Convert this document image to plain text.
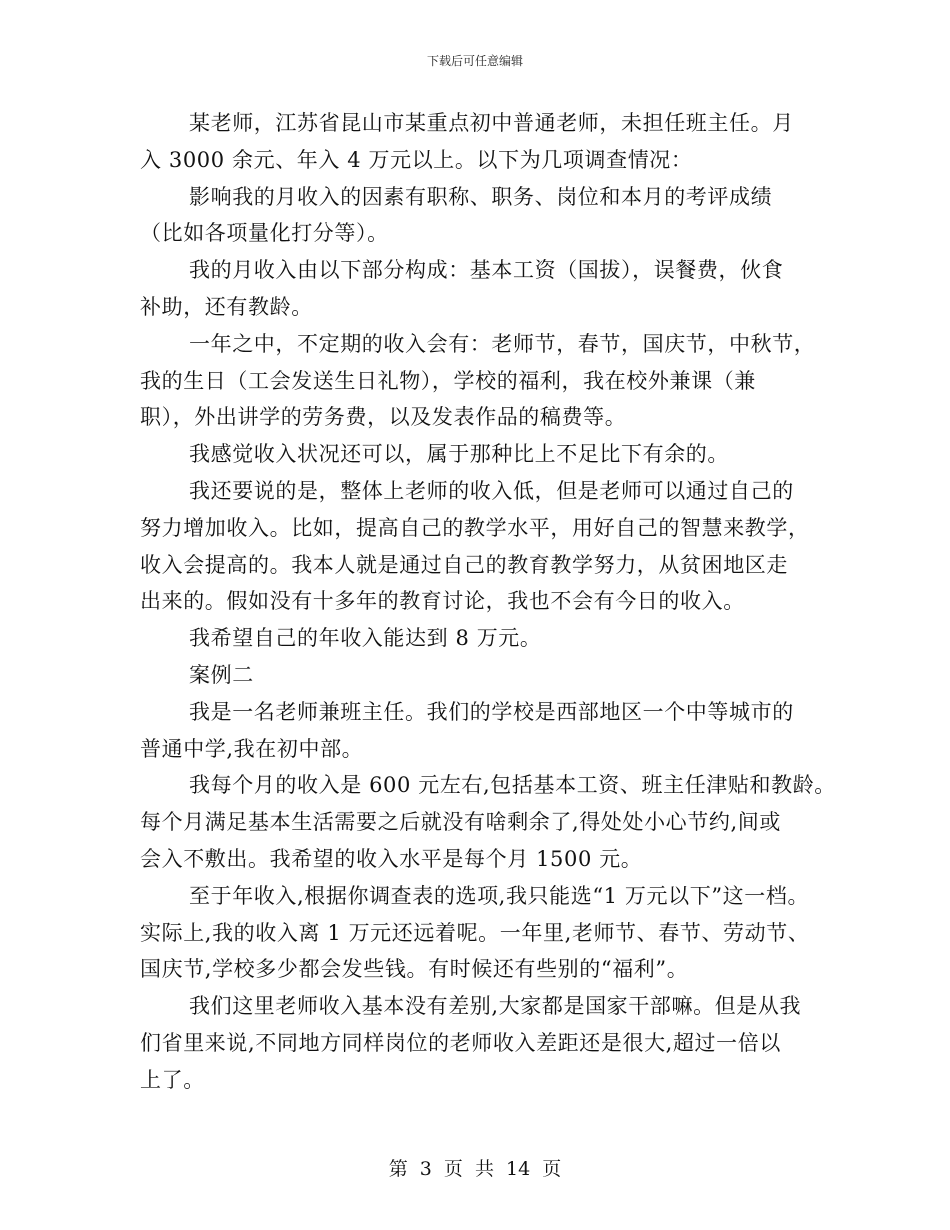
下载后可任意编辑
某老师，江苏省昆山市某重点初中普通老师，未担任班主任。月
入 3000 余元、年入 4 万元以上。以下为几项调查情况：
影响我的月收入的因素有职称、职务、岗位和本月的考评成绩
（比如各项量化打分等）。
我的月收入由以下部分构成：基本工资（国拔），误餐费，伙食
补助，还有教龄。
一年之中，不定期的收入会有：老师节，春节，国庆节，中秋节，
我的生日（工会发送生日礼物），学校的福利，我在校外兼课（兼
职），外出讲学的劳务费，以及发表作品的稿费等。
我感觉收入状况还可以，属于那种比上不足比下有余的。
我还要说的是，整体上老师的收入低，但是老师可以通过自己的
努力增加收入。比如，提高自己的教学水平，用好自己的智慧来教学，
收入会提高的。我本人就是通过自己的教育教学努力，从贫困地区走
出来的。假如没有十多年的教育讨论，我也不会有今日的收入。
我希望自己的年收入能达到 8 万元。
案例二
我是一名老师兼班主任。我们的学校是西部地区一个中等城市的
普通中学,我在初中部。
我每个月的收入是 600 元左右,包括基本工资、班主任津贴和教龄。
每个月满足基本生活需要之后就没有啥剩余了,得处处小心节约,间或
会入不敷出。我希望的收入水平是每个月 1500 元。
至于年收入,根据你调查表的选项,我只能选“1 万元以下”这一档。
实际上,我的收入离 1 万元还远着呢。一年里,老师节、春节、劳动节、
国庆节,学校多少都会发些钱。有时候还有些别的“福利”。
我们这里老师收入基本没有差别,大家都是国家干部嘛。但是从我
们省里来说,不同地方同样岗位的老师收入差距还是很大,超过一倍以
上了。
第 3 页 共 14 页
